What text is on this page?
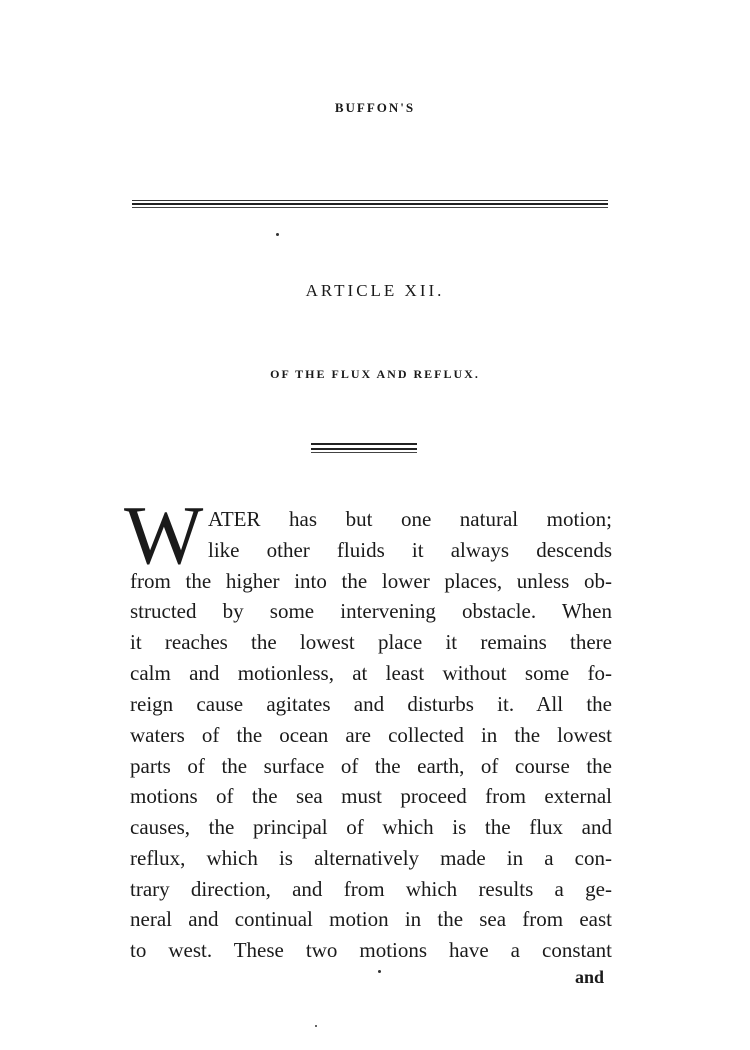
BUFFON'S
ARTICLE XII.
OF THE FLUX AND REFLUX.
W ATER has but one natural motion;
like other fluids it always descends
from the higher into the lower places, unless ob-
structed by some intervening obstacle. When
it reaches the lowest place it remains there
calm and motionless, at least without some fo-
reign cause agitates and disturbs it. All the
waters of the ocean are collected in the lowest
parts of the surface of the earth, of course the
motions of the sea must proceed from external
causes, the principal of which is the flux and
reflux, which is alternatively made in a con-
trary direction, and from which results a ge-
neral and continual motion in the sea from east
to west. These two motions have a constant
and
